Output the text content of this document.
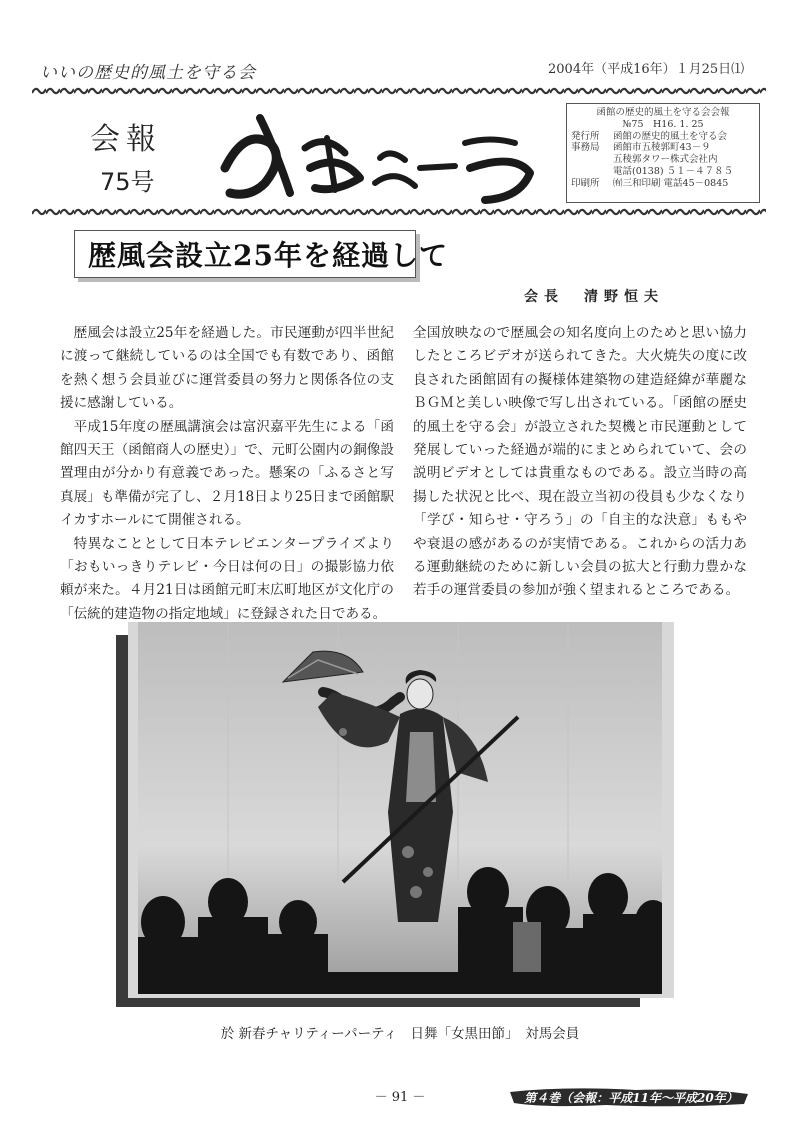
いいの歴史的風土を守る会	2004年（平成16年）１月25日⑴
会報
75号
函館の歴史的風土を守る会会報
№75　H16. 1. 25
発行所	函館の歴史的風土を守る会
事務局	函館市五稜郭町43－９
五稜郭タワー株式会社内
電話(0138) ５１－４７８５
印刷所	㈲三和印刷 電話45－0845
歴風会設立25年を経過して
会長　清野恒夫

歴風会は設立25年を経過した。市民運動が四半世紀に渡って継続しているのは全国でも有数であり、函館を熱く想う会員並びに運営委員の努力と関係各位の支援に感謝している。

平成15年度の歴風講演会は富沢嘉平先生による「函館四天王（函館商人の歴史）」で、元町公園内の銅像設置理由が分かり有意義であった。懸案の「ふるさと写真展」も準備が完了し、２月18日より25日まで函館駅イカすホールにて開催される。

特異なこととして日本テレビエンタープライズより「おもいっきりテレビ・今日は何の日」の撮影協力依頼が来た。４月21日は函館元町末広町地区が文化庁の「伝統的建造物の指定地域」に登録された日である。

全国放映なので歴風会の知名度向上のためと思い協力したところビデオが送られてきた。大火焼失の度に改良された函館固有の擬様体建築物の建造経緯が華麗なＢＧＭと美しい映像で写し出されている。「函館の歴史的風土を守る会」が設立された契機と市民運動として発展していった経過が端的にまとめられていて、会の説明ビデオとしては貴重なものである。設立当時の高揚した状況と比べ、現在設立当初の役員も少なくなり「学び・知らせ・守ろう」の「自主的な決意」ももやや衰退の感があるのが実情である。これからの活力ある運動継続のために新しい会員の拡大と行動力豊かな若手の運営委員の参加が強く望まれるところである。

於 新春チャリティーパーティ　日舞「女黒田節」　対馬会員
－ 91 －	第４巻（会報：平成11年～平成20年）
